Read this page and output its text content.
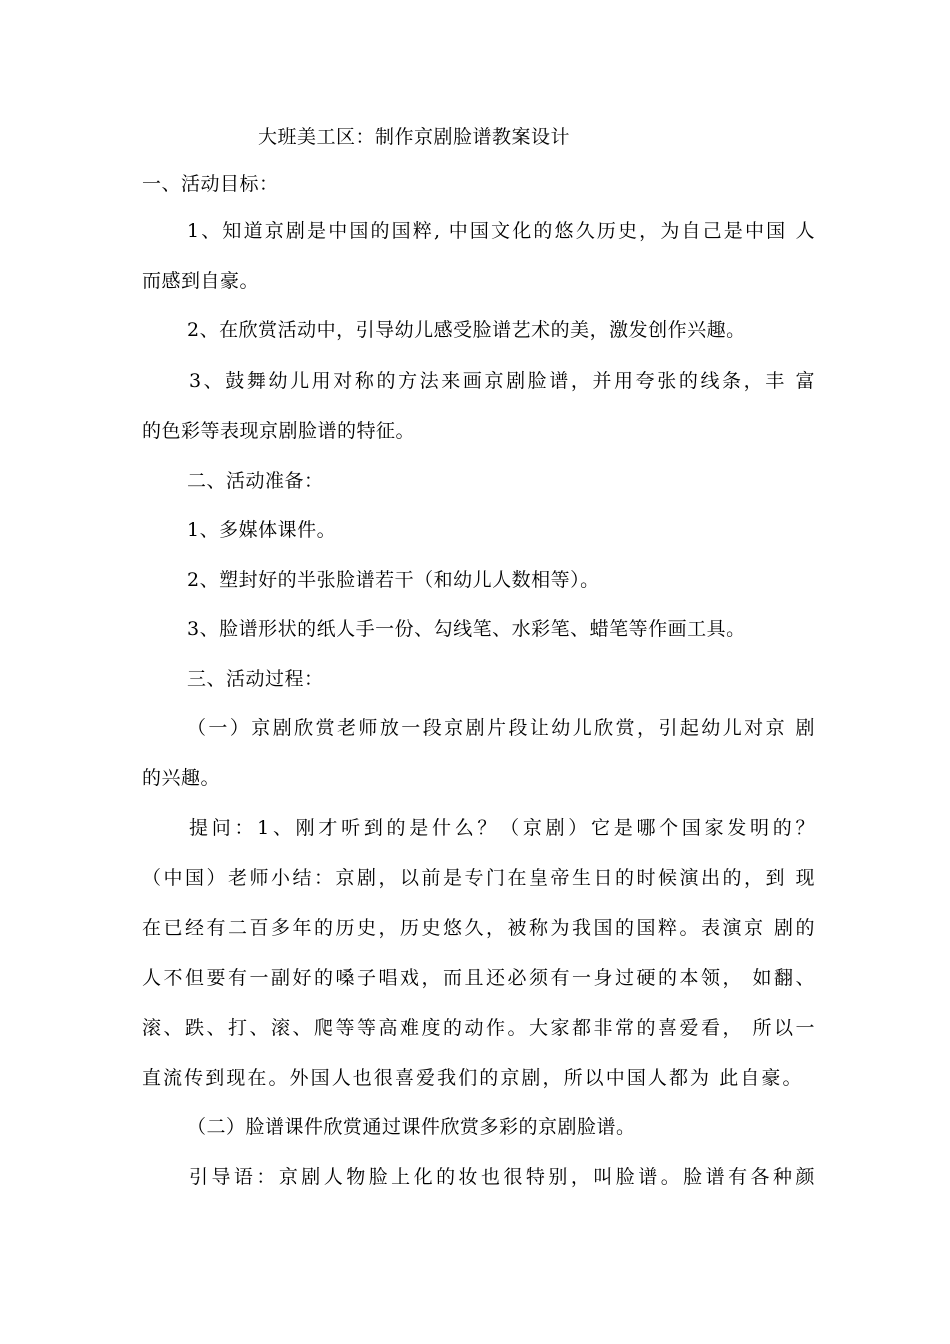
大班美工区：制作京剧脸谱教案设计
一、活动目标：
1、知道京剧是中国的国粹, 中国文化的悠久历史，为自己是中国 人
而感到自豪。
2、在欣赏活动中，引导幼儿感受脸谱艺术的美，激发创作兴趣。
3、鼓舞幼儿用对称的方法来画京剧脸谱，并用夸张的线条，丰 富
的色彩等表现京剧脸谱的特征。
二、活动准备：
1、多媒体课件。
2、塑封好的半张脸谱若干（和幼儿人数相等）。
3、脸谱形状的纸人手一份、勾线笔、水彩笔、蜡笔等作画工具。
三、活动过程：
（一）京剧欣赏老师放一段京剧片段让幼儿欣赏，引起幼儿对京 剧
的兴趣。
提问：1、刚才听到的是什么？（京剧）它是哪个国家发明的？
（中国）老师小结：京剧，以前是专门在皇帝生日的时候演出的，到 现
在已经有二百多年的历史，历史悠久，被称为我国的国粹。表演京 剧的
人不但要有一副好的嗓子唱戏，而且还必须有一身过硬的本领， 如翻、
滚、跌、打、滚、爬等等高难度的动作。大家都非常的喜爱看， 所以一
直流传到现在。外国人也很喜爱我们的京剧，所以中国人都为 此自豪。
（二）脸谱课件欣赏通过课件欣赏多彩的京剧脸谱。
引导语：京剧人物脸上化的妆也很特别，叫脸谱。脸谱有各种颜
